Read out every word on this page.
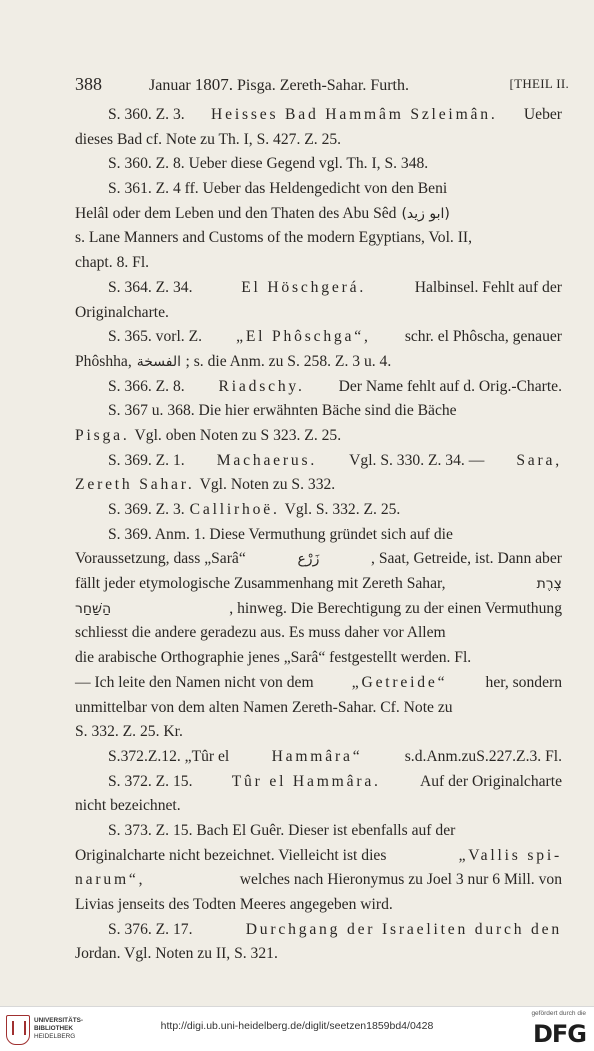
388	Januar 1807. Pisga. Zereth-Sahar. Furth.	[THEIL II.
S. 360. Z. 3. Heisses Bad Hammâm Szleimân. Ueber
dieses Bad cf. Note zu Th. I, S. 427. Z. 25.
S. 360. Z. 8. Ueber diese Gegend vgl. Th. I, S. 348.
S. 361. Z. 4 ff. Ueber das Heldengedicht von den Beni
Helâl oder dem Leben und den Thaten des Abu Sêd (ابو زيد)
s. Lane Manners and Customs of the modern Egyptians, Vol. II,
chapt. 8. Fl.
S. 364. Z. 34.	El Höschgerá.	Halbinsel. Fehlt auf der
Originalcharte.
S. 365. vorl. Z. „El Phôschga“, schr. el Phôscha, genauer
Phôshha, الفسخة ; s. die Anm. zu S. 258. Z. 3 u. 4.
S. 366. Z. 8. Riadschy. Der Name fehlt auf d. Orig.-Charte.
S. 367 u. 368. Die hier erwähnten Bäche sind die Bäche
Pisga. Vgl. oben Noten zu S 323. Z. 25.
S. 369. Z. 1. Machaerus. Vgl. S. 330. Z. 34. — Sara,
Zereth Sahar. Vgl. Noten zu S. 332.
S. 369. Z. 3. Callirhoë. Vgl. S. 332. Z. 25.
S. 369. Anm. 1. Diese Vermuthung gründet sich auf die
Voraussetzung, dass „Sarâ“	زَرْع	, Saat, Getreide, ist. Dann aber
fällt jeder etymologische Zusammenhang mit Zereth Sahar,	צֶרֶת
הַשַּׁחַר	, hinweg. Die Berechtigung zu der einen Vermuthung
schliesst die andere geradezu aus. Es muss daher vor Allem
die arabische Orthographie jenes „Sarâ“ festgestellt werden. Fl.
— Ich leite den Namen nicht von dem „Getreide“ her, sondern
unmittelbar von dem alten Namen Zereth-Sahar. Cf. Note zu
S. 332. Z. 25. Kr.
S.372.Z.12. „Tûr el	Hammâra“	s.d.Anm.zuS.227.Z.3. Fl.
S. 372. Z. 15.	Tûr el Hammâra.	Auf der Originalcharte
nicht bezeichnet.
S. 373. Z. 15. Bach El Guêr. Dieser ist ebenfalls auf der
Originalcharte nicht bezeichnet. Vielleicht ist dies	„Vallis spi-
narum“,	welches nach Hieronymus zu Joel 3 nur 6 Mill. von
Livias jenseits des Todten Meeres angegeben wird.
S. 376. Z. 17.	Durchgang der Israeliten durch den
Jordan. Vgl. Noten zu II, S. 321.
UNIVERSITÄTS-
BIBLIOTHEK
HEIDELBERG
http://digi.ub.uni-heidelberg.de/diglit/seetzen1859bd4/0428
gefördert durch die
DFG
